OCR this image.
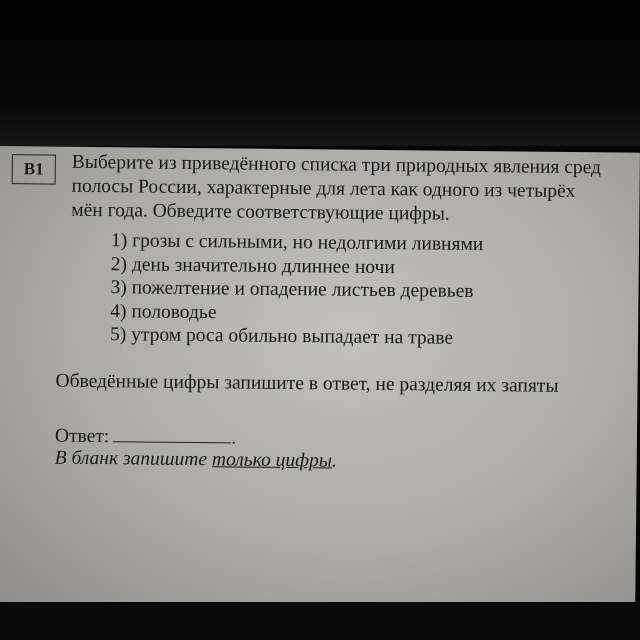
B1	Выберите из приведённого списка три природных явления сред

полосы России, характерные для лета как одного из четырёх

мён года. Обведите соответствующие цифры.

1) грозы с сильными, но недолгими ливнями
2) день значительно длиннее ночи
3) пожелтение и опадение листьев деревьев
4) половодье
5) утром роса обильно выпадает на траве
Обведённые цифры запишите в ответ, не разделяя их запяты
Ответ:	.
В бланк запишите только цифры.
